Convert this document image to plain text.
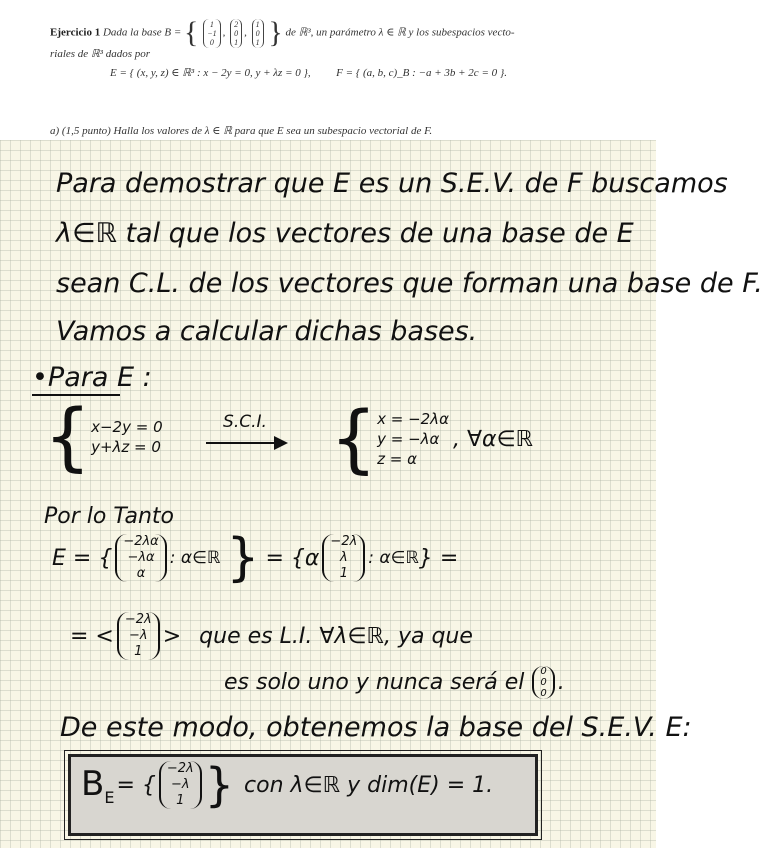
Ejercicio 1 Dada la base B = { 1
−1
0
,
2
0
1
,
1
0
1 } de ℝ³, un parámetro λ ∈ ℝ y los subespacios vecto-
riales de ℝ³ dados por
E = { (x, y, z) ∈ ℝ³ : x − 2y = 0, y + λz = 0 }, F = { (a, b, c)_B : −a + 3b + 2c = 0 }.
a) (1,5 punto) Halla los valores de λ ∈ ℝ para que E sea un subespacio vectorial de F.
Para demostrar que E es un S.E.V. de F buscamos
λ∈ℝ tal que los vectores de una base de E
sean C.L. de los vectores que forman una base de F.
Vamos a calcular dichas bases.
•Para E :
{ x−2y = 0
y+λz = 0
S.C.I. { x = −2λα
y = −λα
z = α
, ∀α∈ℝ
Por lo Tanto
E = {
−2λα
−λα
α
: α∈ℝ } = {α
−2λ
λ
1
: α∈ℝ } =
= <
−2λ
−λ
1
> que es L.I. ∀λ∈ℝ, ya que
es solo uno y nunca será el 0
0
0 .
De este modo, obtenemos la base del S.E.V. E:
$B_E$ = {
−2λ
−λ
1 } con λ∈ℝ y dim(E) = 1.
